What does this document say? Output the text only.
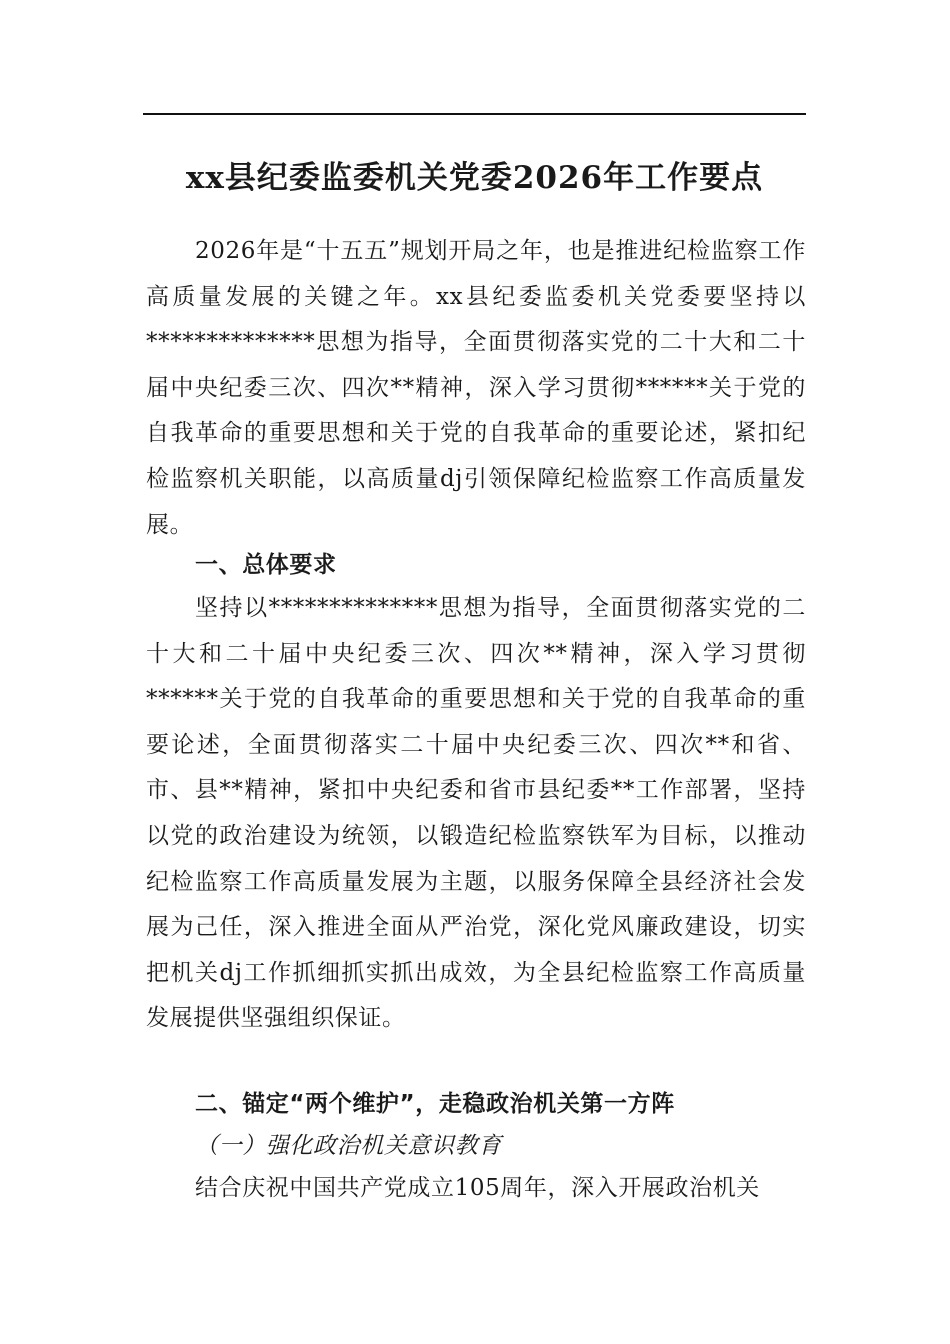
xx县纪委监委机关党委2026年工作要点

2026年是“十五五”规划开局之年，也是推进纪检监察工作高质量发展的关键之年。xx县纪委监委机关党委要坚持以**************思想为指导，全面贯彻落实党的二十大和二十届中央纪委三次、四次**精神，深入学习贯彻******关于党的自我革命的重要思想和关于党的自我革命的重要论述，紧扣纪检监察机关职能，以高质量dj引领保障纪检监察工作高质量发展。

一、总体要求

坚持以**************思想为指导，全面贯彻落实党的二十大和二十届中央纪委三次、四次**精神，深入学习贯彻******关于党的自我革命的重要思想和关于党的自我革命的重要论述，全面贯彻落实二十届中央纪委三次、四次**和省、市、县**精神，紧扣中央纪委和省市县纪委**工作部署，坚持以党的政治建设为统领，以锻造纪检监察铁军为目标，以推动纪检监察工作高质量发展为主题，以服务保障全县经济社会发展为己任，深入推进全面从严治党，深化党风廉政建设，切实把机关dj工作抓细抓实抓出成效，为全县纪检监察工作高质量发展提供坚强组织保证。

二、锚定“两个维护”，走稳政治机关第一方阵
（一）强化政治机关意识教育

结合庆祝中国共产党成立105周年，深入开展政治机关
